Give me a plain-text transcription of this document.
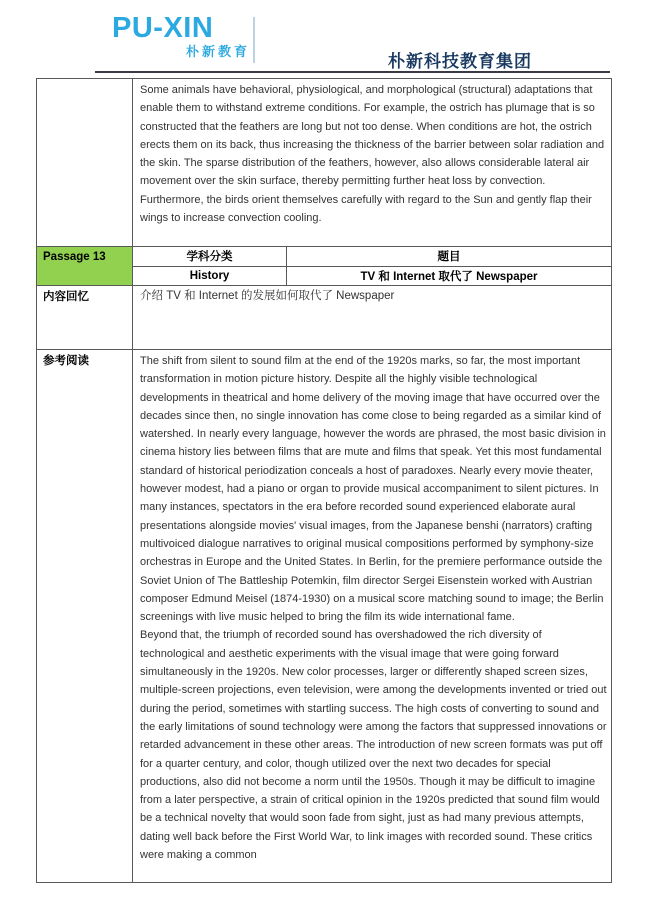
PU-XIN
朴新教育
朴新科技教育集团

Some animals have behavioral, physiological, and morphological (structural) adaptations that enable them to withstand extreme conditions. For example, the ostrich has plumage that is so constructed that the feathers are long but not too dense. When conditions are hot, the ostrich erects them on its back, thus increasing the thickness of the barrier between solar radiation and the skin. The sparse distribution of the feathers, however, also allows considerable lateral air movement over the skin surface, thereby permitting further heat loss by convection.

Furthermore, the birds orient themselves carefully with regard to the Sun and gently flap their wings to increase convection cooling.

Passage 13	学科分类	题目
History	TV 和 Internet 取代了 Newspaper
内容回忆	介绍 TV 和 Internet 的发展如何取代了 Newspaper

参考阅读	The shift from silent to sound film at the end of the 1920s marks, so far, the most important transformation in motion picture history. Despite all the highly visible technological developments in theatrical and home delivery of the moving image that have occurred over the decades since then, no single innovation has come close to being regarded as a similar kind of watershed. In nearly every language, however the words are phrased, the most basic division in cinema history lies between films that are mute and films that speak. Yet this most fundamental standard of historical periodization conceals a host of paradoxes. Nearly every movie theater, however modest, had a piano or organ to provide musical accompaniment to silent pictures. In many instances, spectators in the era before recorded sound experienced elaborate aural presentations alongside movies' visual images, from the Japanese benshi (narrators) crafting multivoiced dialogue narratives to original musical compositions performed by symphony-size orchestras in Europe and the United States. In Berlin, for the premiere performance outside the Soviet Union of The Battleship Potemkin, film director Sergei Eisenstein worked with Austrian composer Edmund Meisel (1874-1930) on a musical score matching sound to image; the Berlin screenings with live music helped to bring the film its wide international fame.

Beyond that, the triumph of recorded sound has overshadowed the rich diversity of technological and aesthetic experiments with the visual image that were going forward simultaneously in the 1920s. New color processes, larger or differently shaped screen sizes, multiple-screen projections, even television, were among the developments invented or tried out during the period, sometimes with startling success. The high costs of converting to sound and the early limitations of sound technology were among the factors that suppressed innovations or retarded advancement in these other areas. The introduction of new screen formats was put off for a quarter century, and color, though utilized over the next two decades for special productions, also did not become a norm until the 1950s. Though it may be difficult to imagine from a later perspective, a strain of critical opinion in the 1920s predicted that sound film would be a technical novelty that would soon fade from sight, just as had many previous attempts, dating well back before the First World War, to link images with recorded sound. These critics were making a common
